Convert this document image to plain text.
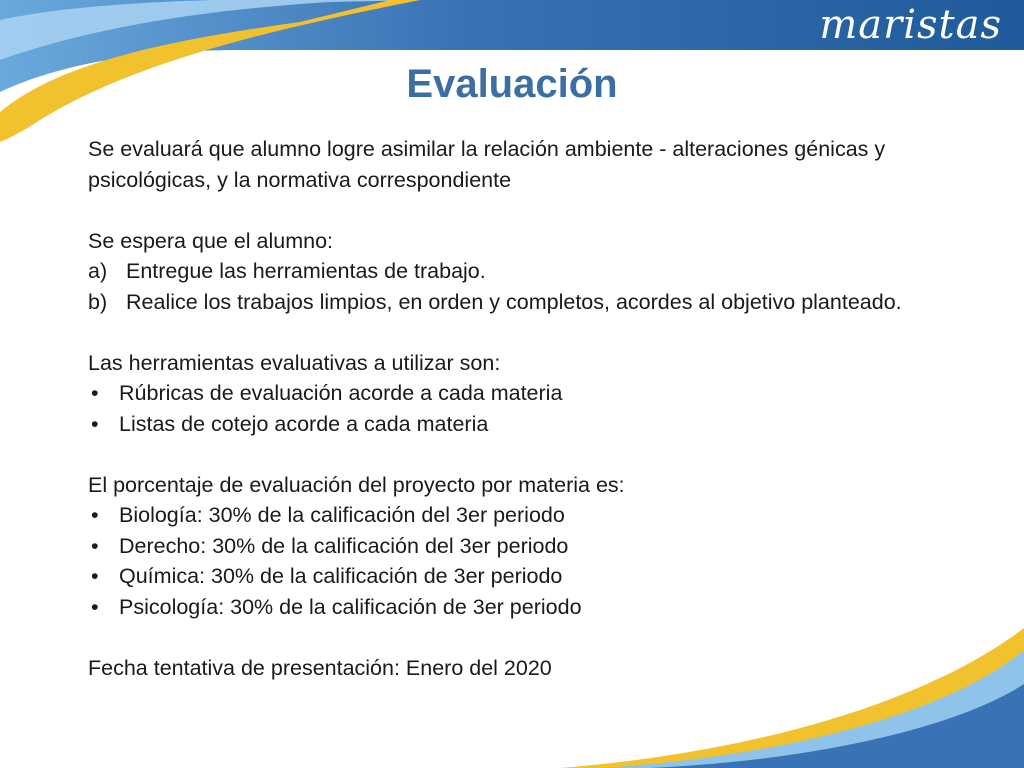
maristas
Evaluación

Se evaluará que alumno logre asimilar la relación ambiente - alteraciones génicas y psicológicas, y la normativa correspondiente

Se espera que el alumno:

a) Entregue las herramientas de trabajo.
b) Realice los trabajos limpios, en orden y completos, acordes al objetivo planteado.

Las herramientas evaluativas a utilizar son:

• Rúbricas de evaluación acorde a cada materia
• Listas de cotejo acorde a cada materia

El porcentaje de evaluación del proyecto por materia es:

• Biología: 30% de la calificación del 3er periodo
• Derecho: 30% de la calificación del 3er periodo
• Química: 30% de la calificación de 3er periodo
• Psicología: 30% de la calificación de 3er periodo

Fecha tentativa de presentación: Enero del 2020
